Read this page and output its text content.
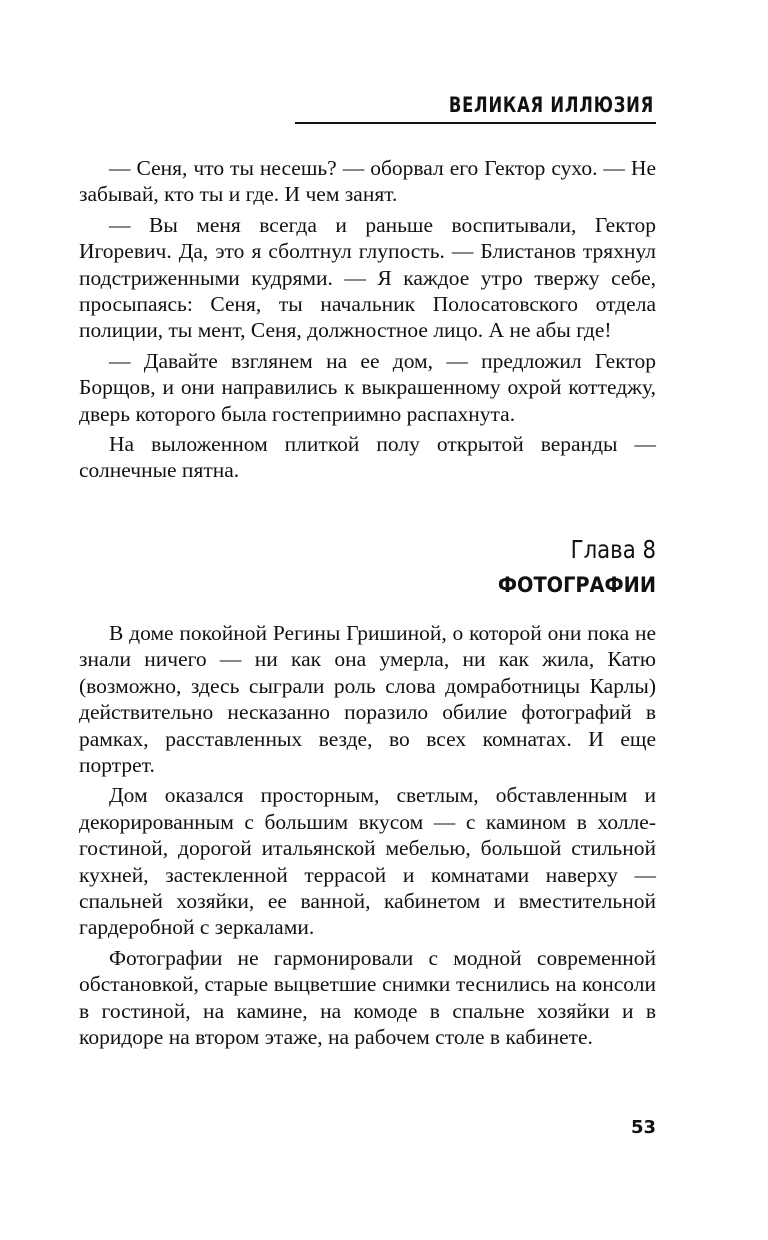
ВЕЛИКАЯ ИЛЛЮЗИЯ

— Сеня, что ты несешь? — оборвал его Гектор сухо. — Не забывай, кто ты и где. И чем занят.

— Вы меня всегда и раньше воспитывали, Гектор Игоревич. Да, это я сболтнул глупость. — Блистанов тряхнул подстриженными кудрями. — Я каждое утро твержу себе, просыпаясь: Сеня, ты начальник Полосатовского отдела полиции, ты мент, Сеня, должностное лицо. А не абы где!

— Давайте взглянем на ее дом, — предложил Гектор Борщов, и они направились к выкрашенному охрой коттеджу, дверь которого была гостеприимно распахнута.

На выложенном плиткой полу открытой веранды — солнечные пятна.

Глава 8
ФОТОГРАФИИ

В доме покойной Регины Гришиной, о которой они пока не знали ничего — ни как она умерла, ни как жила, Катю (возможно, здесь сыграли роль слова домработницы Карлы) действительно несказанно поразило обилие фотографий в рамках, расставленных везде, во всех комнатах. И еще портрет.

Дом оказался просторным, светлым, обставленным и декорированным с большим вкусом — с камином в холле-гостиной, дорогой итальянской мебелью, большой стильной кухней, застекленной террасой и комнатами наверху — спальней хозяйки, ее ванной, кабинетом и вместительной гардеробной с зеркалами.

Фотографии не гармонировали с модной современной обстановкой, старые выцветшие снимки теснились на консоли в гостиной, на камине, на комоде в спальне хозяйки и в коридоре на втором этаже, на рабочем столе в кабинете.

53
